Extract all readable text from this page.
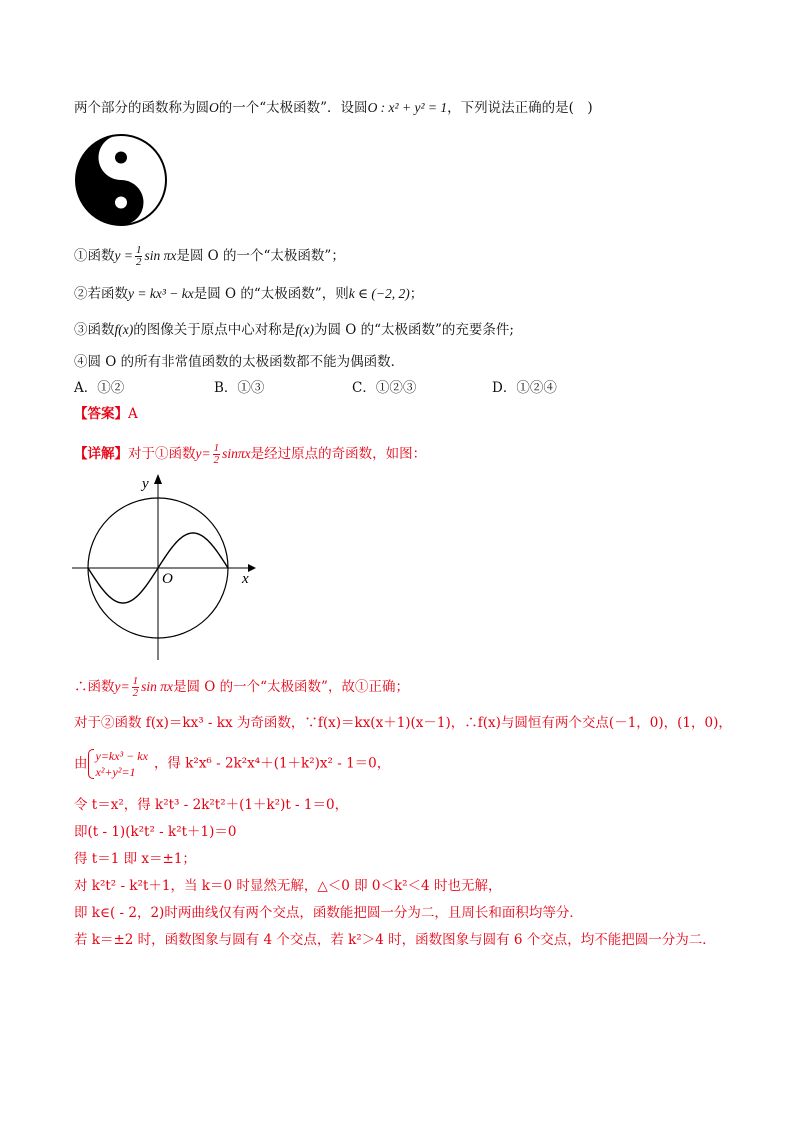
两个部分的函数称为圆O的一个“太极函数”．设圆O : x² + y² = 1，下列说法正确的是(　)
①函数$y = \frac{1}{2}$ sin πx是圆 O 的一个“太极函数”；
②若函数y = kx³ − kx是圆 O 的“太极函数”，则k ∈ (−2, 2)；
③函数f(x)的图像关于原点中心对称是f(x)为圆 O 的“太极函数”的充要条件;
④圆 O 的所有非常值函数的太极函数都不能为偶函数．
A．①②	B．①③	C．①②③	D．①②④
【答案】A
【详解】对于①函数$y= \frac{1}{2}$ sinπx是经过原点的奇函数，如图：
y
x
O
∴函数$y= \frac{1}{2}$ sin πx是圆 O 的一个“太极函数”，故①正确；
对于②函数 f(x)＝kx³ - kx 为奇函数，∵f(x)＝kx(x＋1)(x－1)，∴f(x)与圆恒有两个交点(－1，0)，(1，0)，
由 y=kx³ − kx
x²+y²=1
，得 k²x⁶ - 2k²x⁴＋(1＋k²)x² - 1＝0，
令 t＝x²，得 k²t³ - 2k²t²＋(1＋k²)t - 1＝0，
即(t - 1)(k²t² - k²t＋1)＝0
得 t＝1 即 x＝±1；
对 k²t² - k²t＋1，当 k＝0 时显然无解，△＜0 即 0＜k²＜4 时也无解，
即 k∈( - 2，2)时两曲线仅有两个交点，函数能把圆一分为二，且周长和面积均等分．
若 k＝±2 时，函数图象与圆有 4 个交点，若 k²＞4 时，函数图象与圆有 6 个交点，均不能把圆一分为二．
